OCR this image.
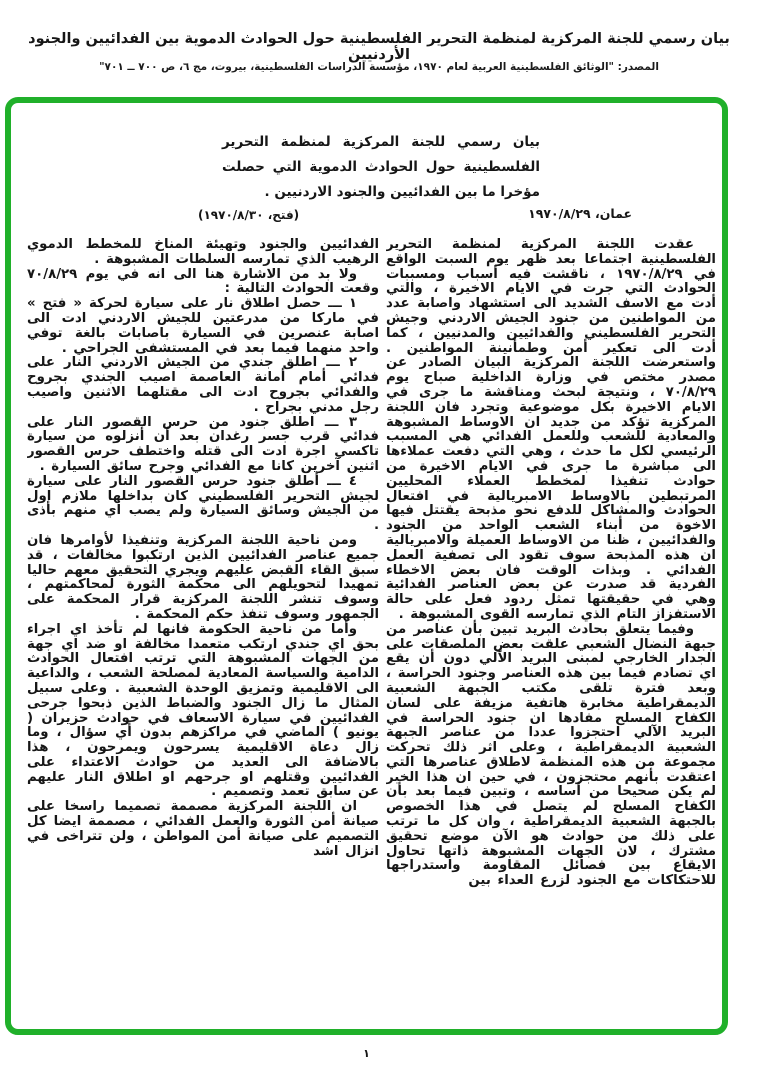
بيان رسمي للجنة المركزية لمنظمة التحرير الفلسطينية حول الحوادث الدموية بين الفدائيين والجنود الأردنيين
المصدر: "الوثائق الفلسطينية العربية لعام ١٩٧٠، مؤسسة الدراسات الفلسطينية، بيروت، مج ٦، ص ٧٠٠ ــ ٧٠١"
بيان رسمي للجنة المركزية لمنظمة التحرير الفلسطينية حول الحوادث الدموية التي حصلت مؤخرا ما بين الفدائيين والجنود الاردنيين .
عمان، ١٩٧٠/٨/٢٩
(فتح، ١٩٧٠/٨/٣٠)

عقدت اللجنة المركزية لمنظمة التحرير الفلسطينية اجتماعا بعد ظهر يوم السبت الواقع في ١٩٧٠/٨/٢٩ ، ناقشت فيه أسباب ومسببات الحوادث التي جرت في الايام الاخيرة ، والتي أدت مع الاسف الشديد الى استشهاد واصابة عدد من المواطنين من جنود الجيش الاردني وجيش التحرير الفلسطيني والفدائيين والمدنيين ، كما أدت الى تعكير أمن وطمأنينة المواطنين . واستعرضت اللجنة المركزية البيان الصادر عن مصدر مختص في وزارة الداخلية صباح يوم ٧٠/٨/٢٩ ، ونتيجة لبحث ومناقشة ما جرى في الايام الاخيرة بكل موضوعية وتجرد فان اللجنة المركزية تؤكد من جديد ان الاوساط المشبوهة والمعادية للشعب وللعمل الفدائي هي المسبب الرئيسي لكل ما حدث ، وهي التي دفعت عملاءها الى مباشرة ما جرى في الايام الاخيرة من حوادث تنفيذا لمخطط العملاء المحليين المرتبطين بالاوساط الامبريالية في افتعال الحوادث والمشاكل للدفع نحو مذبحة يقتتل فيها الاخوة من أبناء الشعب الواحد من الجنود والفدائيين ، ظنا من الاوساط العميلة والامبريالية ان هذه المذبحة سوف تقود الى تصفية العمل الفدائي . وبذات الوقت فان بعض الاخطاء الفردية قد صدرت عن بعض العناصر الفدائية وهي في حقيقتها تمثل ردود فعل على حالة الاستفزاز التام الذي تمارسه القوى المشبوهة .

وفيما يتعلق بحادث البريد تبين بأن عناصر من جبهة النضال الشعبي علقت بعض الملصقات على الجدار الخارجي لمبنى البريد الآلي دون أن يقع اي تصادم فيما بين هذه العناصر وجنود الحراسة ، وبعد فترة تلقى مكتب الجبهة الشعبية الديمقراطية مخابرة هاتفية مزيفة على لسان الكفاح المسلح مفادها ان جنود الحراسة في البريد الآلي احتجزوا عددا من عناصر الجبهة الشعبية الديمقراطية ، وعلى اثر ذلك تحركت مجموعة من هذه المنظمة لاطلاق عناصرها التي اعتقدت بأنهم محتجزون ، في حين ان هذا الخبر لم يكن صحيحا من أساسه ، وتبين فيما بعد بأن الكفاح المسلح لم يتصل في هذا الخصوص بالجبهة الشعبية الديمقراطية ، وان كل ما ترتب على ذلك من حوادث هو الآن موضع تحقيق مشترك ، لان الجهات المشبوهة ذاتها تحاول الايقاع بين فصائل المقاومة واستدراجها للاحتكاكات مع الجنود لزرع العداء بين

الفدائيين والجنود وتهيئة المناخ للمخطط الدموي الرهيب الذي تمارسه السلطات المشبوهة .

ولا بد من الاشارة هنا الى انه في يوم ٧٠/٨/٢٩ وقعت الحوادث التالية :

١ ـــ حصل اطلاق نار على سيارة لحركة « فتح » في ماركا من مدرعتين للجيش الاردني ادت الى اصابة عنصرين في السيارة باصابات بالغة توفي واحد منهما فيما بعد في المستشفى الجراحي .

٢ ـــ اطلق جندي من الجيش الاردني النار على فدائي أمام أمانة العاصمة اصيب الجندي بجروح والفدائي بجروح ادت الى مقتلهما الاثنين واصيب رجل مدني بجراح .

٣ ـــ اطلق جنود من حرس القصور النار على فدائي قرب جسر رغدان بعد أن أنزلوه من سيارة تاكسي اجرة ادت الى قتله واختطف حرس القصور اثنين آخرين كانا مع الفدائي وجرح سائق السيارة .

٤ ـــ أطلق جنود حرس القصور النار على سيارة لجيش التحرير الفلسطيني كان بداخلها ملازم اول من الجيش وسائق السيارة ولم يصب اي منهم بأذى .

ومن ناحية اللجنة المركزية وتنفيذا لأوامرها فان جميع عناصر الفدائيين الذين ارتكبوا مخالفات ، قد سبق القاء القبض عليهم ويجري التحقيق معهم حاليا تمهيدا لتحويلهم الى محكمة الثورة لمحاكمتهم ، وسوف تنشر اللجنة المركزية قرار المحكمة على الجمهور وسوف تنفذ حكم المحكمة .

وأما من ناحية الحكومة فانها لم تأخذ اي اجراء بحق اي جندي ارتكب متعمدا مخالفة او ضد اي جهة من الجهات المشبوهة التي ترتب افتعال الحوادث الدامية والسياسة المعادية لمصلحة الشعب ، والداعية الى الاقليمية وتمزيق الوحدة الشعبية . وعلى سبيل المثال ما زال الجنود والضباط الذين ذبحوا جرحى الفدائيين في سيارة الاسعاف في حوادث حزيران ( يونيو ) الماضي في مراكزهم بدون أي سؤال ، وما زال دعاة الاقليمية يسرحون ويمرحون ، هذا بالاضافة الى العديد من حوادث الاعتداء على الفدائيين وقتلهم او جرحهم او اطلاق النار عليهم عن سابق تعمد وتصميم .

ان اللجنة المركزية مصممة تصميما راسخا على صيانة أمن الثورة والعمل الفدائي ، مصممة ايضا كل التصميم على صيانة أمن المواطن ، ولن تتراخى في انزال اشد

١
